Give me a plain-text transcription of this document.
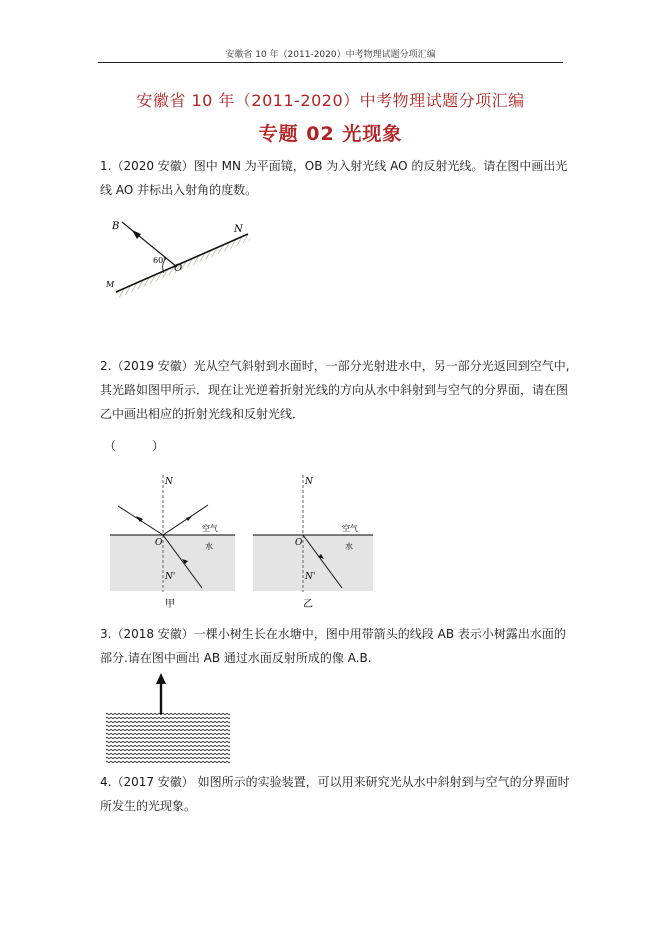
安徽省 10 年（2011-2020）中考物理试题分项汇编
安徽省 10 年（2011-2020）中考物理试题分项汇编
专题 02 光现象
1.（2020 安徽）图中 MN 为平面镜，OB 为入射光线 AO 的反射光线。请在图中画出光线 AO 并标出入射角的度数。
B	N
M
O
60°
2.（2019 安徽）光从空气斜射到水面时，一部分光射进水中，另一部分光返回到空气中,其光路如图甲所示．现在让光逆着折射光线的方向从水中斜射到与空气的分界面，请在图乙中画出相应的折射光线和反射光线．
（　　　）
N
N'
O
空气
水
甲
N
N'
O
空气
水
乙
3.（2018 安徽）一棵小树生长在水塘中，图中用带箭头的线段 AB 表示小树露出水面的部分.请在图中画出 AB 通过水面反射所成的像 A.B.
4.（2017 安徽） 如图所示的实验装置，可以用来研究光从水中斜射到与空气的分界面时所发生的光现象。
